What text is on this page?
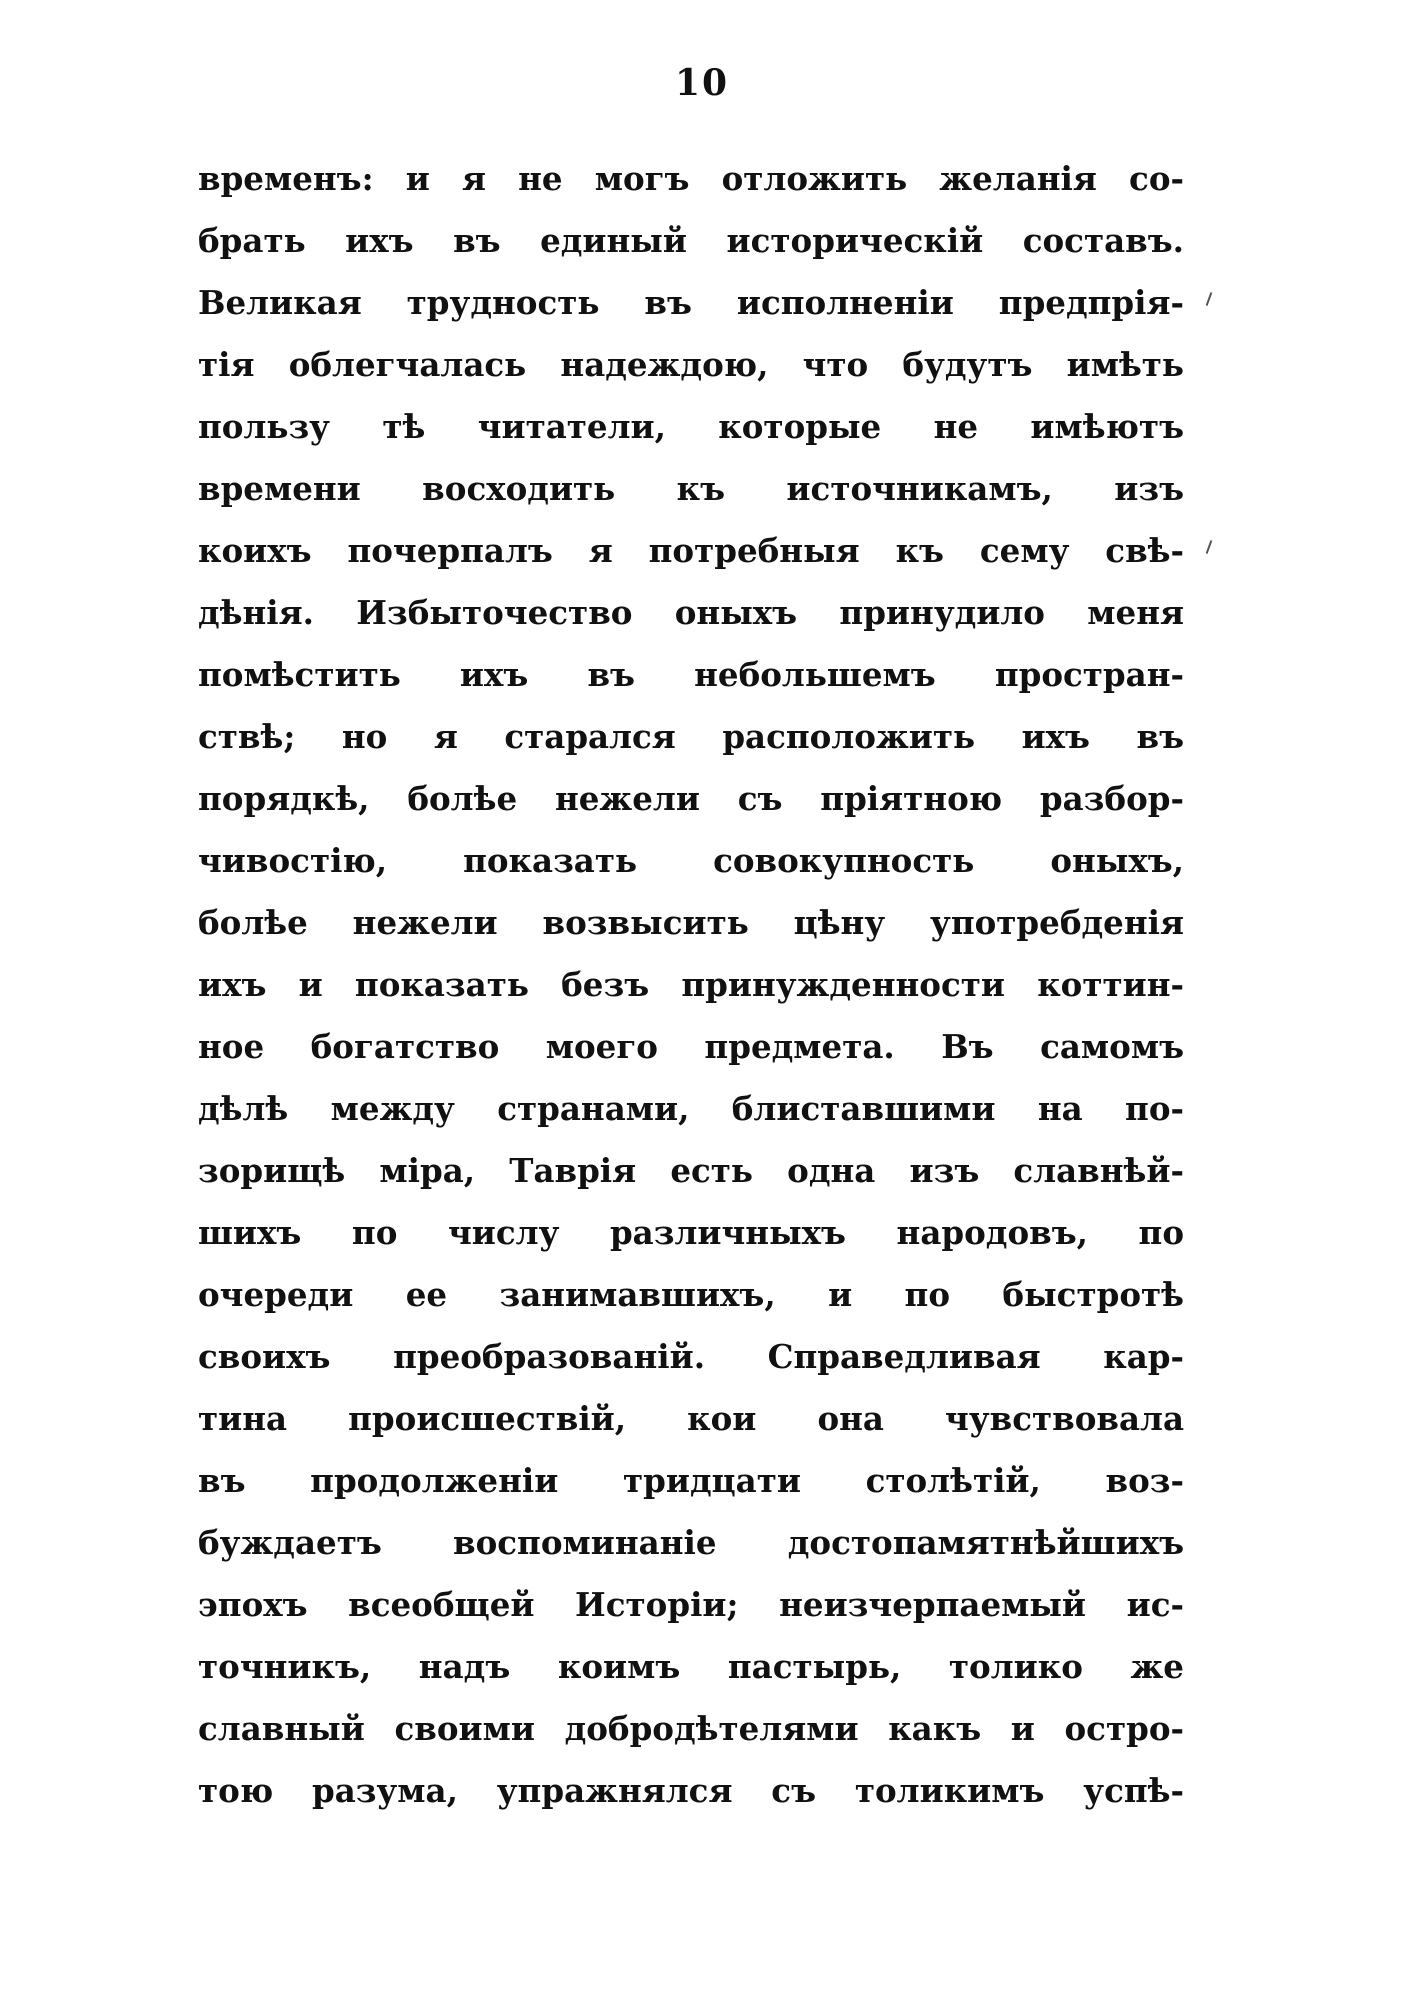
10
временъ: и я не могъ отложить желанія со-
брать ихъ въ единый историческій составъ.
Великая трудность въ исполненіи предпрія-
тія облегчалась надеждою, что будутъ имѣть
пользу тѣ читатели, которые не имѣютъ
времени восходить къ источникамъ, изъ
коихъ почерпалъ я потребныя къ сему свѣ-
дѣнія. Избыточество оныхъ принудило меня
помѣстить ихъ въ небольшемъ простран-
ствѣ; но я старался расположить ихъ въ
порядкѣ, болѣе нежели съ пріятною разбор-
чивостію, показать совокупность оныхъ,
болѣе нежели возвысить цѣну употребденія
ихъ и показать безъ принужденности коттин-
ное богатство моего предмета. Въ самомъ
дѣлѣ между странами, блиставшими на по-
зорищѣ міра, Таврія есть одна изъ славнѣй-
шихъ по числу различныхъ народовъ, по
очереди ее занимавшихъ, и по быстротѣ
своихъ преобразованій. Справедливая кар-
тина происшествій, кои она чувствовала
въ продолженіи тридцати столѣтій, воз-
буждаетъ воспоминаніе достопамятнѣйшихъ
эпохъ всеобщей Исторіи; неизчерпаемый ис-
точникъ, надъ коимъ пастырь, толико же
славный своими добродѣтелями какъ и остро-
тою разума, упражнялся съ толикимъ успѣ-
